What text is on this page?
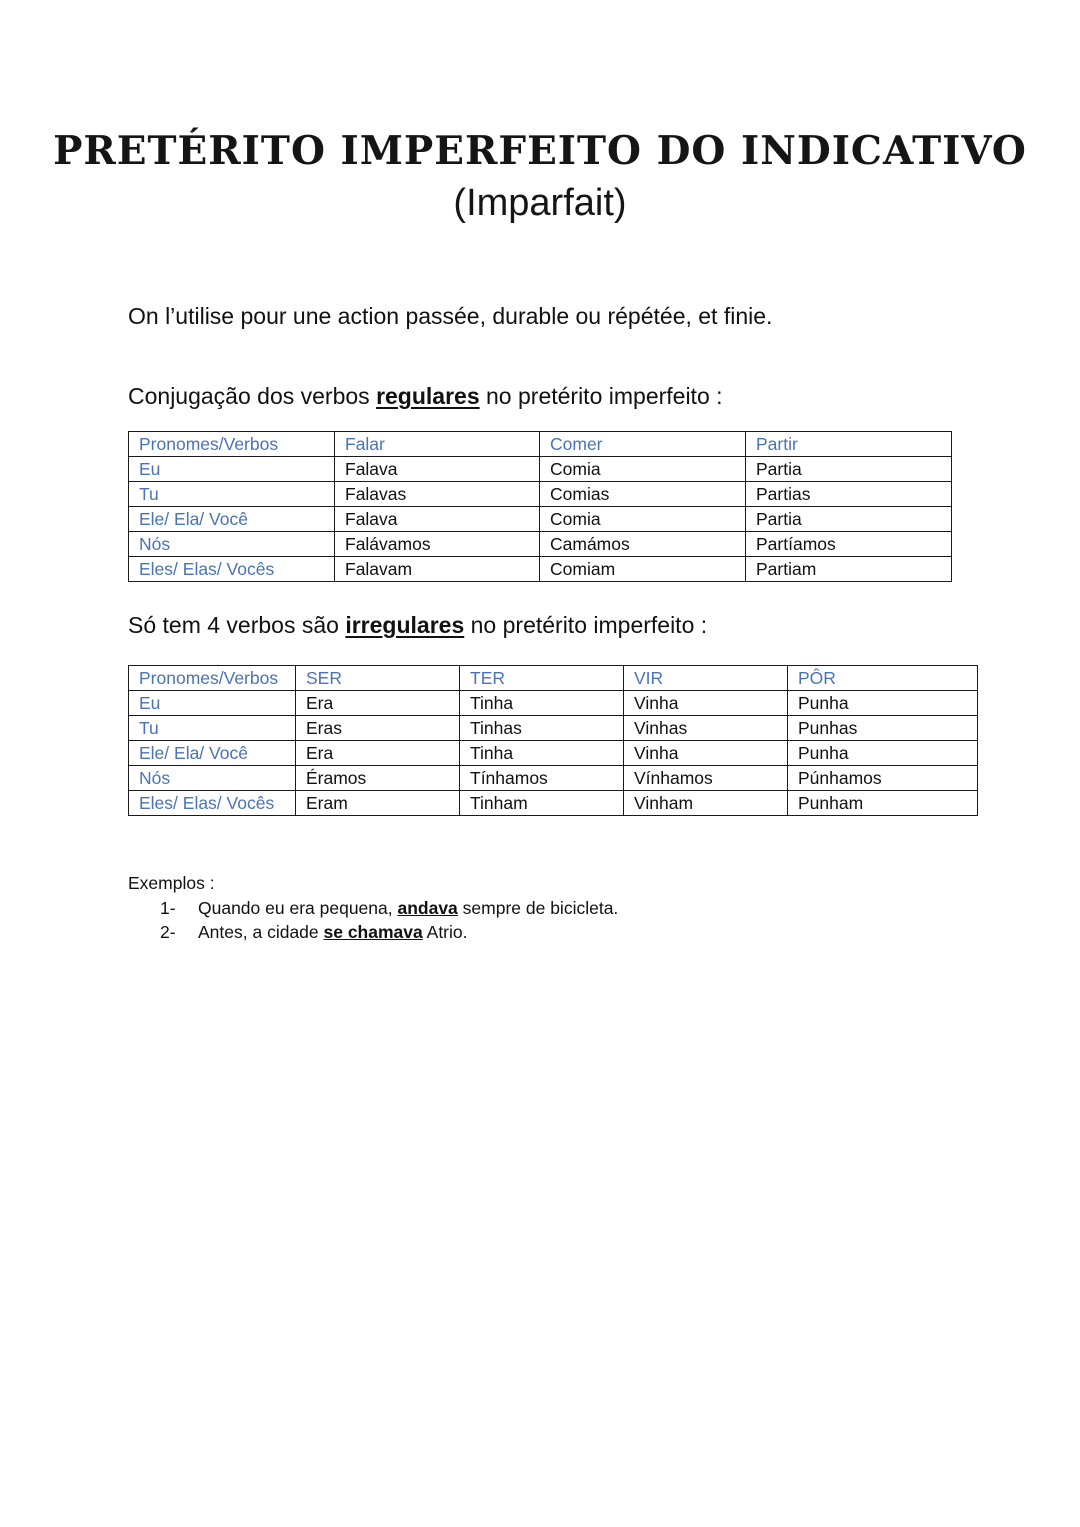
PRETÉRITO IMPERFEITO DO INDICATIVO
(Imparfait)

On l’utilise pour une action passée, durable ou répétée, et finie.

Conjugação dos verbos regulares no pretérito imperfeito :

Pronomes/Verbos	Falar	Comer	Partir
Eu	Falava	Comia	Partia
Tu	Falavas	Comias	Partias
Ele/ Ela/ Você	Falava	Comia	Partia
Nós	Falávamos	Camámos	Partíamos
Eles/ Elas/ Vocês	Falavam	Comiam	Partiam

Só tem 4 verbos são irregulares no pretérito imperfeito :

Pronomes/Verbos	SER	TER	VIR	PÔR
Eu	Era	Tinha	Vinha	Punha
Tu	Eras	Tinhas	Vinhas	Punhas
Ele/ Ela/ Você	Era	Tinha	Vinha	Punha
Nós	Éramos	Tínhamos	Vínhamos	Púnhamos
Eles/ Elas/ Vocês	Eram	Tinham	Vinham	Punham

Exemplos :

1- Quando eu era pequena, andava sempre de bicicleta.
2- Antes, a cidade se chamava Atrio.
